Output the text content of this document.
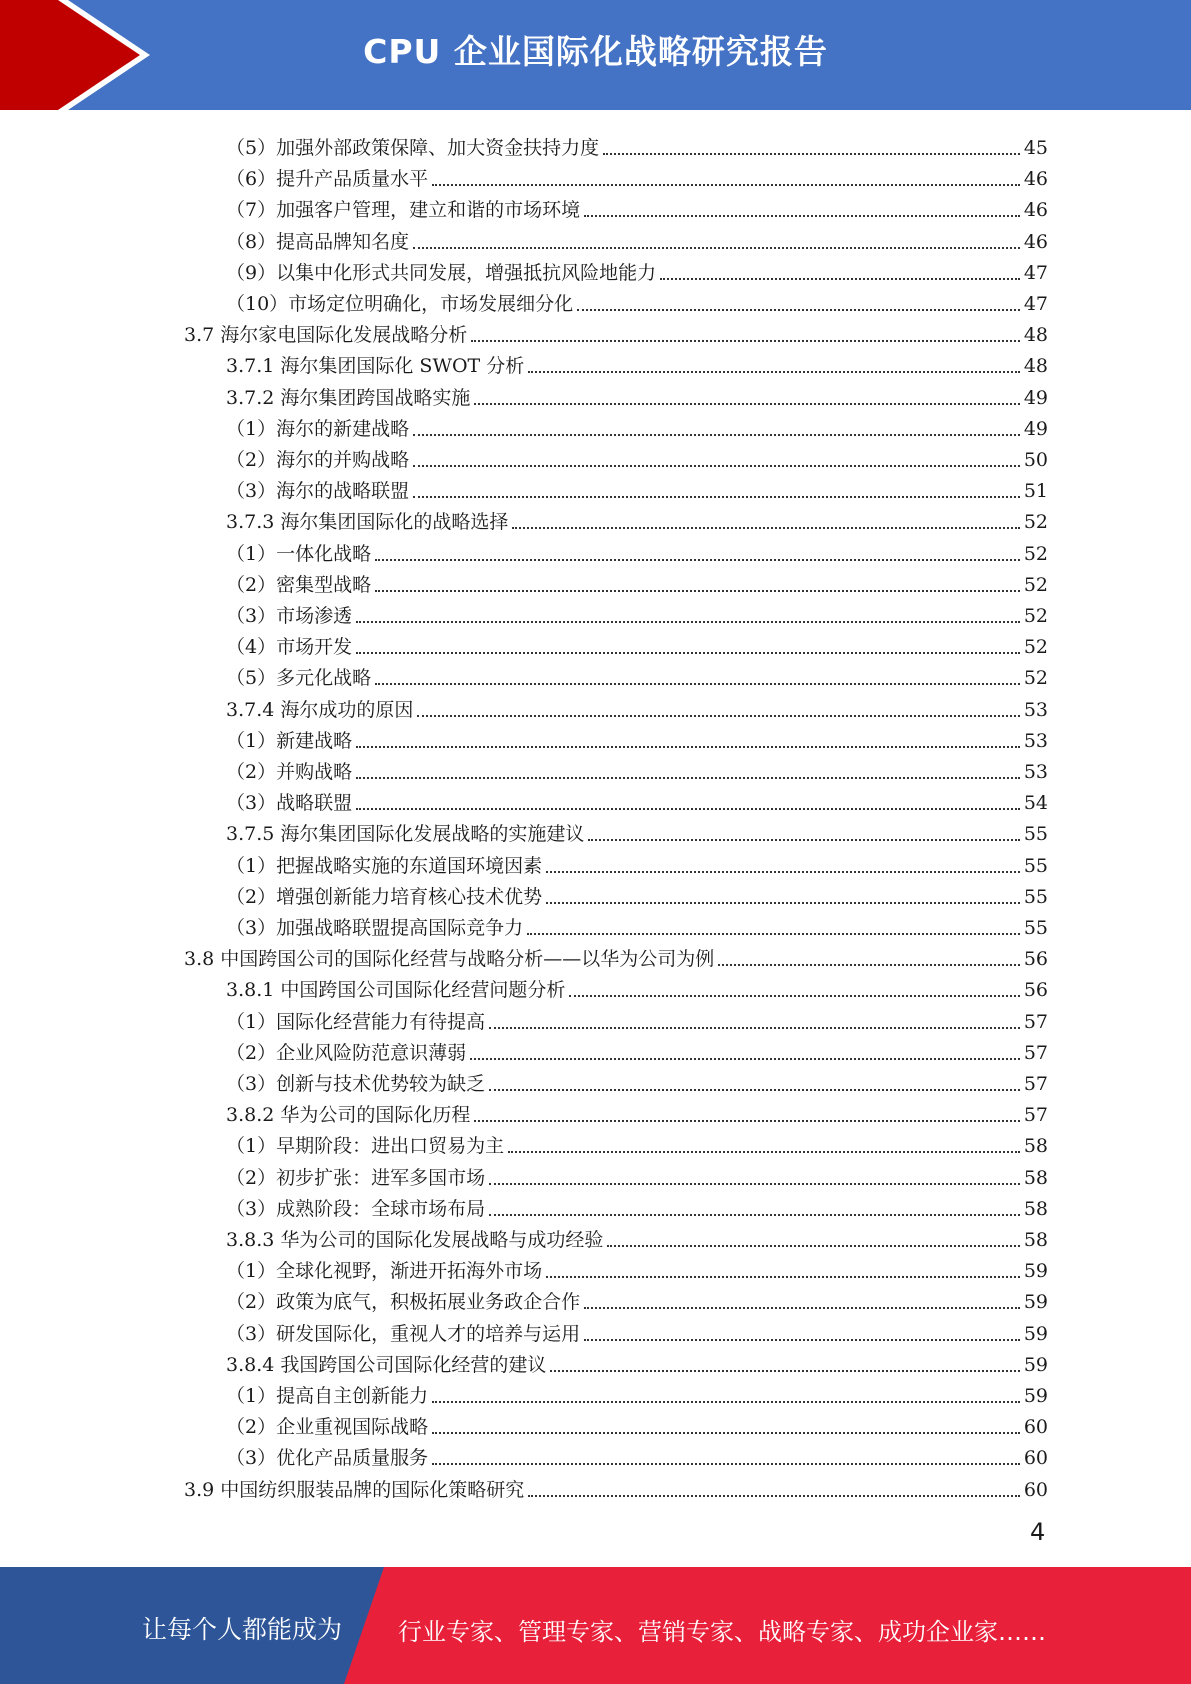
CPU 企业国际化战略研究报告
（5）加强外部政策保障、加大资金扶持力度	45
（6）提升产品质量水平	46
（7）加强客户管理，建立和谐的市场环境	46
（8）提高品牌知名度	46
（9）以集中化形式共同发展，增强抵抗风险地能力	47
（10）市场定位明确化，市场发展细分化	47
3.7 海尔家电国际化发展战略分析	48
3.7.1 海尔集团国际化 SWOT 分析	48
3.7.2 海尔集团跨国战略实施	49
（1）海尔的新建战略	49
（2）海尔的并购战略	50
（3）海尔的战略联盟	51
3.7.3 海尔集团国际化的战略选择	52
（1）一体化战略	52
（2）密集型战略	52
（3）市场渗透	52
（4）市场开发	52
（5）多元化战略	52
3.7.4 海尔成功的原因	53
（1）新建战略	53
（2）并购战略	53
（3）战略联盟	54
3.7.5 海尔集团国际化发展战略的实施建议	55
（1）把握战略实施的东道国环境因素	55
（2）增强创新能力培育核心技术优势	55
（3）加强战略联盟提高国际竞争力	55
3.8 中国跨国公司的国际化经营与战略分析——以华为公司为例	56
3.8.1 中国跨国公司国际化经营问题分析	56
（1）国际化经营能力有待提高	57
（2）企业风险防范意识薄弱	57
（3）创新与技术优势较为缺乏	57
3.8.2 华为公司的国际化历程	57
（1）早期阶段：进出口贸易为主	58
（2）初步扩张：进军多国市场	58
（3）成熟阶段：全球市场布局	58
3.8.3 华为公司的国际化发展战略与成功经验	58
（1）全球化视野，渐进开拓海外市场	59
（2）政策为底气，积极拓展业务政企合作	59
（3）研发国际化，重视人才的培养与运用	59
3.8.4 我国跨国公司国际化经营的建议	59
（1）提高自主创新能力	59
（2）企业重视国际战略	60
（3）优化产品质量服务	60
3.9 中国纺织服装品牌的国际化策略研究	60
4
让每个人都能成为 行业专家、管理专家、营销专家、战略专家、成功企业家……
